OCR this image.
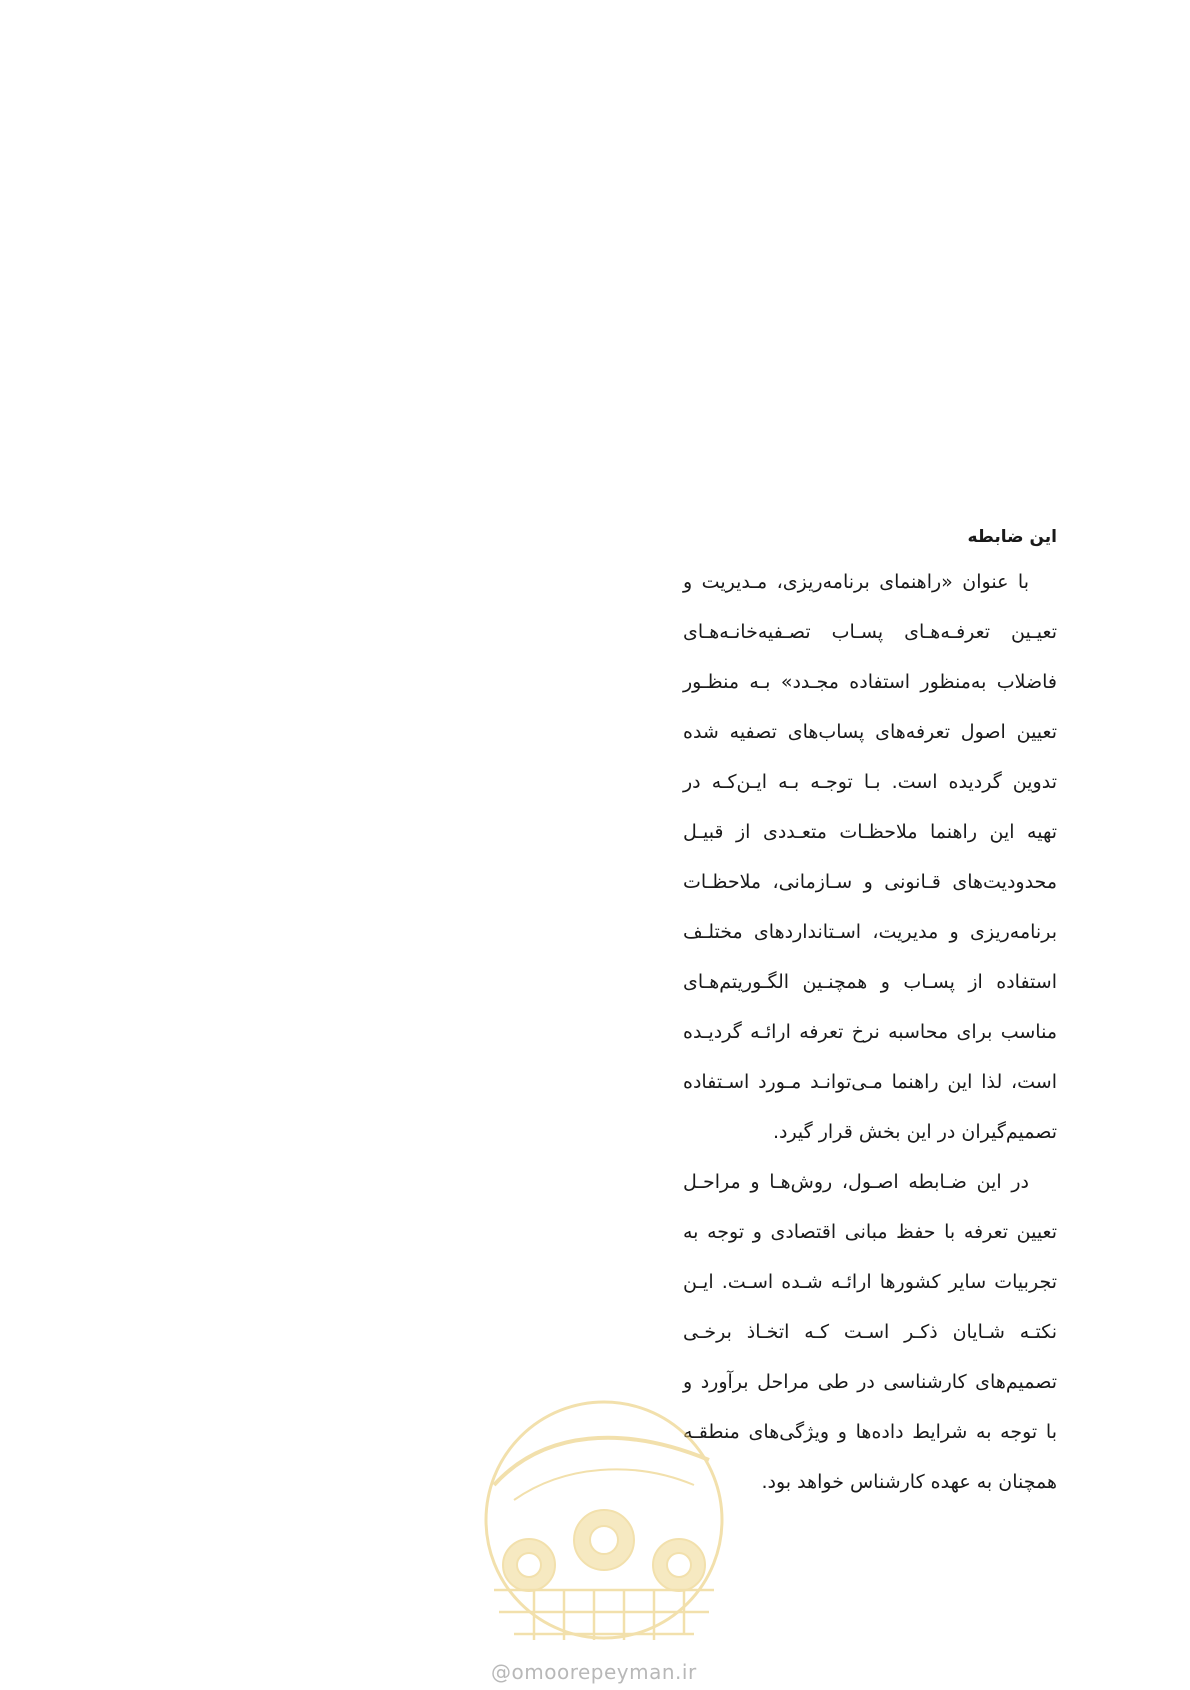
این ضابطه

با عنوان «راهنمای برنامه‌ریزی، مـدیریت و
تعیـین تعرفـه‌هـای پسـاب تصـفیه‌خانـه‌هـای
فاضلاب به‌منظور استفاده مجـدد» بـه منظـور
تعیین اصول تعرفه‌های پساب‌های تصفیه شده
تدوین گردیده است. بـا توجـه بـه ایـن‌کـه در
تهیه این راهنما ملاحظـات متعـددی از قبیـل
محدودیت‌های قـانونی و سـازمانی، ملاحظـات
برنامه‌ریزی و مدیریت، اسـتانداردهای مختلـف
استفاده از پسـاب و همچنـین الگـوریتم‌هـای
مناسب برای محاسبه نرخ تعرفه ارائـه گردیـده
است، لذا این راهنما مـی‌توانـد مـورد اسـتفاده
تصمیم‌گیران در این بخش قرار گیرد.

در این ضـابطه اصـول، روش‌هـا و مراحـل
تعیین تعرفه با حفظ مبانی اقتصادی و توجه به
تجربیات سایر کشورها ارائـه شـده اسـت. ایـن
نکتـه شـایان ذکـر اسـت کـه اتخـاذ برخـی
تصمیم‌های کارشناسی در طی مراحل برآورد و
با توجه به شرایط داده‌ها و ویژگی‌های منطقـه
همچنان به عهده کارشناس خواهد بود.

@omoorepeyman.ir
